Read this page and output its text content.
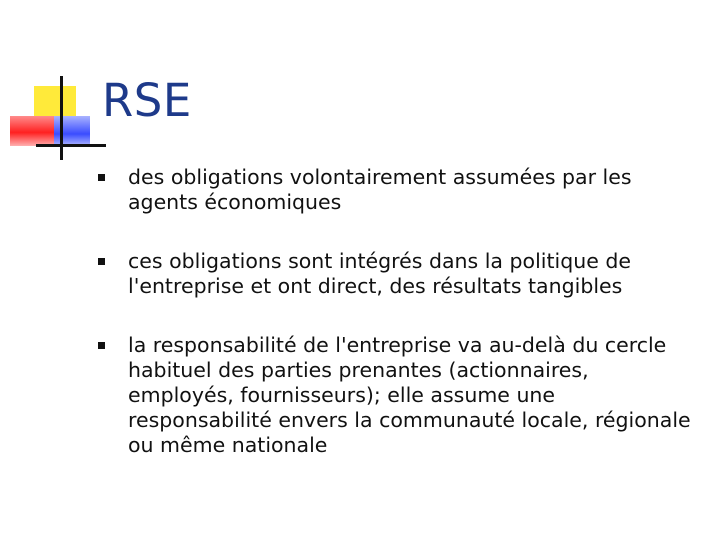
RSE
des obligations volontairement assumées par les agents économiques
ces obligations sont intégrés dans la politique de l'entreprise et ont direct, des résultats tangibles
la responsabilité de l'entreprise va au-delà du cercle habituel des parties prenantes (actionnaires, employés, fournisseurs); elle assume une responsabilité envers la communauté locale, régionale ou même nationale
